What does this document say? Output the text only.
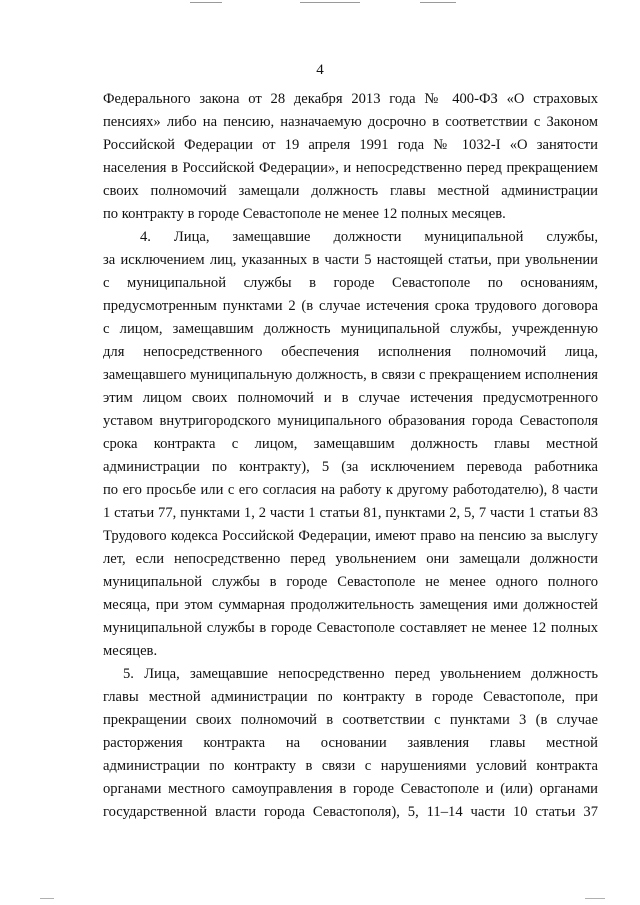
4
Федерального закона от 28 декабря 2013 года № 400-ФЗ «О страховых
пенсиях» либо на пенсию, назначаемую досрочно в соответствии с Законом
Российской Федерации от 19 апреля 1991 года № 1032-I «О занятости
населения в Российской Федерации», и непосредственно перед прекращением
своих полномочий замещали должность главы местной администрации
по контракту в городе Севастополе не менее 12 полных месяцев.
4. Лица, замещавшие должности муниципальной службы,
за исключением лиц, указанных в части 5 настоящей статьи, при увольнении
с муниципальной службы в городе Севастополе по основаниям,
предусмотренным пунктами 2 (в случае истечения срока трудового договора
с лицом, замещавшим должность муниципальной службы, учрежденную
для непосредственного обеспечения исполнения полномочий лица,
замещавшего муниципальную должность, в связи с прекращением исполнения
этим лицом своих полномочий и в случае истечения предусмотренного
уставом внутригородского муниципального образования города Севастополя
срока контракта с лицом, замещавшим должность главы местной
администрации по контракту), 5 (за исключением перевода работника
по его просьбе или с его согласия на работу к другому работодателю), 8 части
1 статьи 77, пунктами 1, 2 части 1 статьи 81, пунктами 2, 5, 7 части 1 статьи 83
Трудового кодекса Российской Федерации, имеют право на пенсию за выслугу
лет, если непосредственно перед увольнением они замещали должности
муниципальной службы в городе Севастополе не менее одного полного
месяца, при этом суммарная продолжительность замещения ими должностей
муниципальной службы в городе Севастополе составляет не менее 12 полных
месяцев.
5. Лица, замещавшие непосредственно перед увольнением должность
главы местной администрации по контракту в городе Севастополе, при
прекращении своих полномочий в соответствии с пунктами 3 (в случае
расторжения контракта на основании заявления главы местной
администрации по контракту в связи с нарушениями условий контракта
органами местного самоуправления в городе Севастополе и (или) органами
государственной власти города Севастополя), 5, 11–14 части 10 статьи 37
